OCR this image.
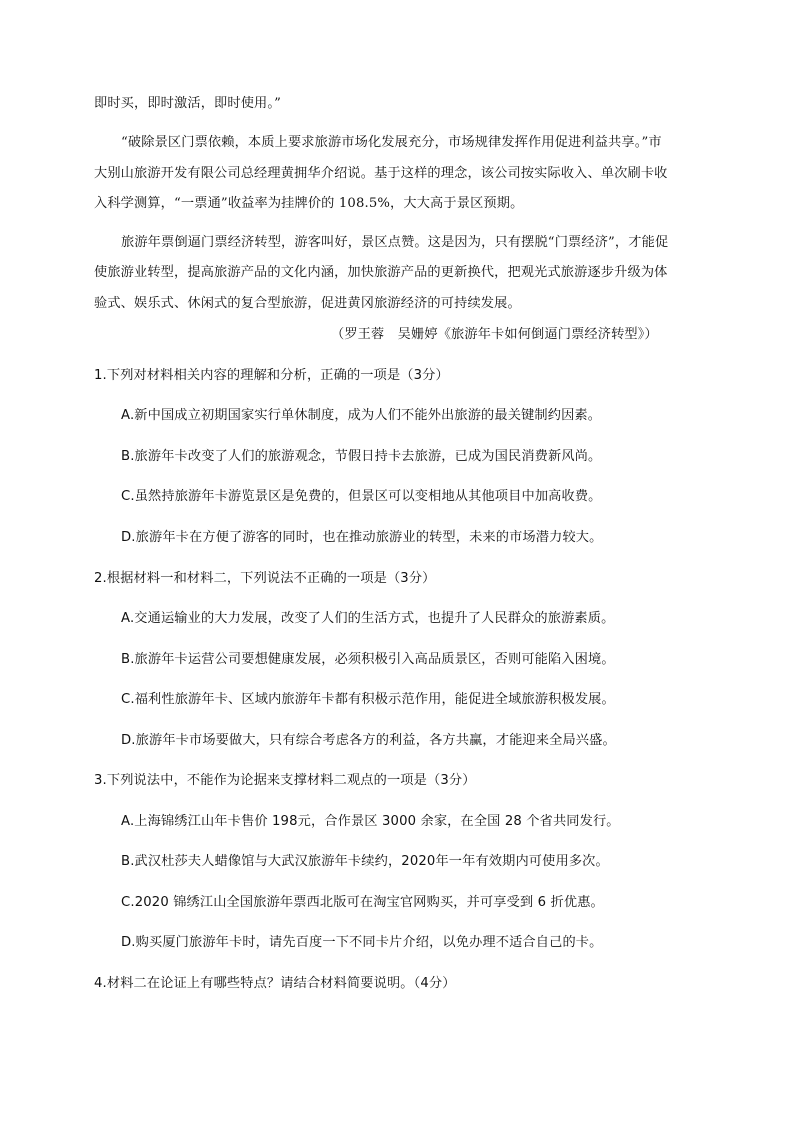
即时买，即时激活，即时使用。”
“破除景区门票依赖，本质上要求旅游市场化发展充分，市场规律发挥作用促进利益共享。”市
大别山旅游开发有限公司总经理黄拥华介绍说。基于这样的理念，该公司按实际收入、单次刷卡收
入科学测算，“一票通”收益率为挂牌价的 108.5%，大大高于景区预期。
旅游年票倒逼门票经济转型，游客叫好，景区点赞。这是因为，只有摆脱“门票经济”，才能促
使旅游业转型，提高旅游产品的文化内涵，加快旅游产品的更新换代，把观光式旅游逐步升级为体
验式、娱乐式、休闲式的复合型旅游，促进黄冈旅游经济的可持续发展。
（罗王蓉　吴姗婷《旅游年卡如何倒逼门票经济转型》）
1.下列对材料相关内容的理解和分析，正确的一项是（3分）
A.新中国成立初期国家实行单休制度，成为人们不能外出旅游的最关键制约因素。
B.旅游年卡改变了人们的旅游观念，节假日持卡去旅游，已成为国民消费新风尚。
C.虽然持旅游年卡游览景区是免费的，但景区可以变相地从其他项目中加高收费。
D.旅游年卡在方便了游客的同时，也在推动旅游业的转型，未来的市场潜力较大。
2.根据材料一和材料二，下列说法不正确的一项是（3分）
A.交通运输业的大力发展，改变了人们的生活方式，也提升了人民群众的旅游素质。
B.旅游年卡运营公司要想健康发展，必须积极引入高品质景区，否则可能陷入困境。
C.福利性旅游年卡、区域内旅游年卡都有积极示范作用，能促进全域旅游积极发展。
D.旅游年卡市场要做大，只有综合考虑各方的利益，各方共赢，才能迎来全局兴盛。
3.下列说法中，不能作为论据来支撑材料二观点的一项是（3分）
A.上海锦绣江山年卡售价 198元，合作景区 3000 余家，在全国 28 个省共同发行。
B.武汉杜莎夫人蜡像馆与大武汉旅游年卡续约，2020年一年有效期内可使用多次。
C.2020 锦绣江山全国旅游年票西北版可在淘宝官网购买，并可享受到 6 折优惠。
D.购买厦门旅游年卡时，请先百度一下不同卡片介绍，以免办理不适合自己的卡。
4.材料二在论证上有哪些特点？请结合材料简要说明。（4分）
